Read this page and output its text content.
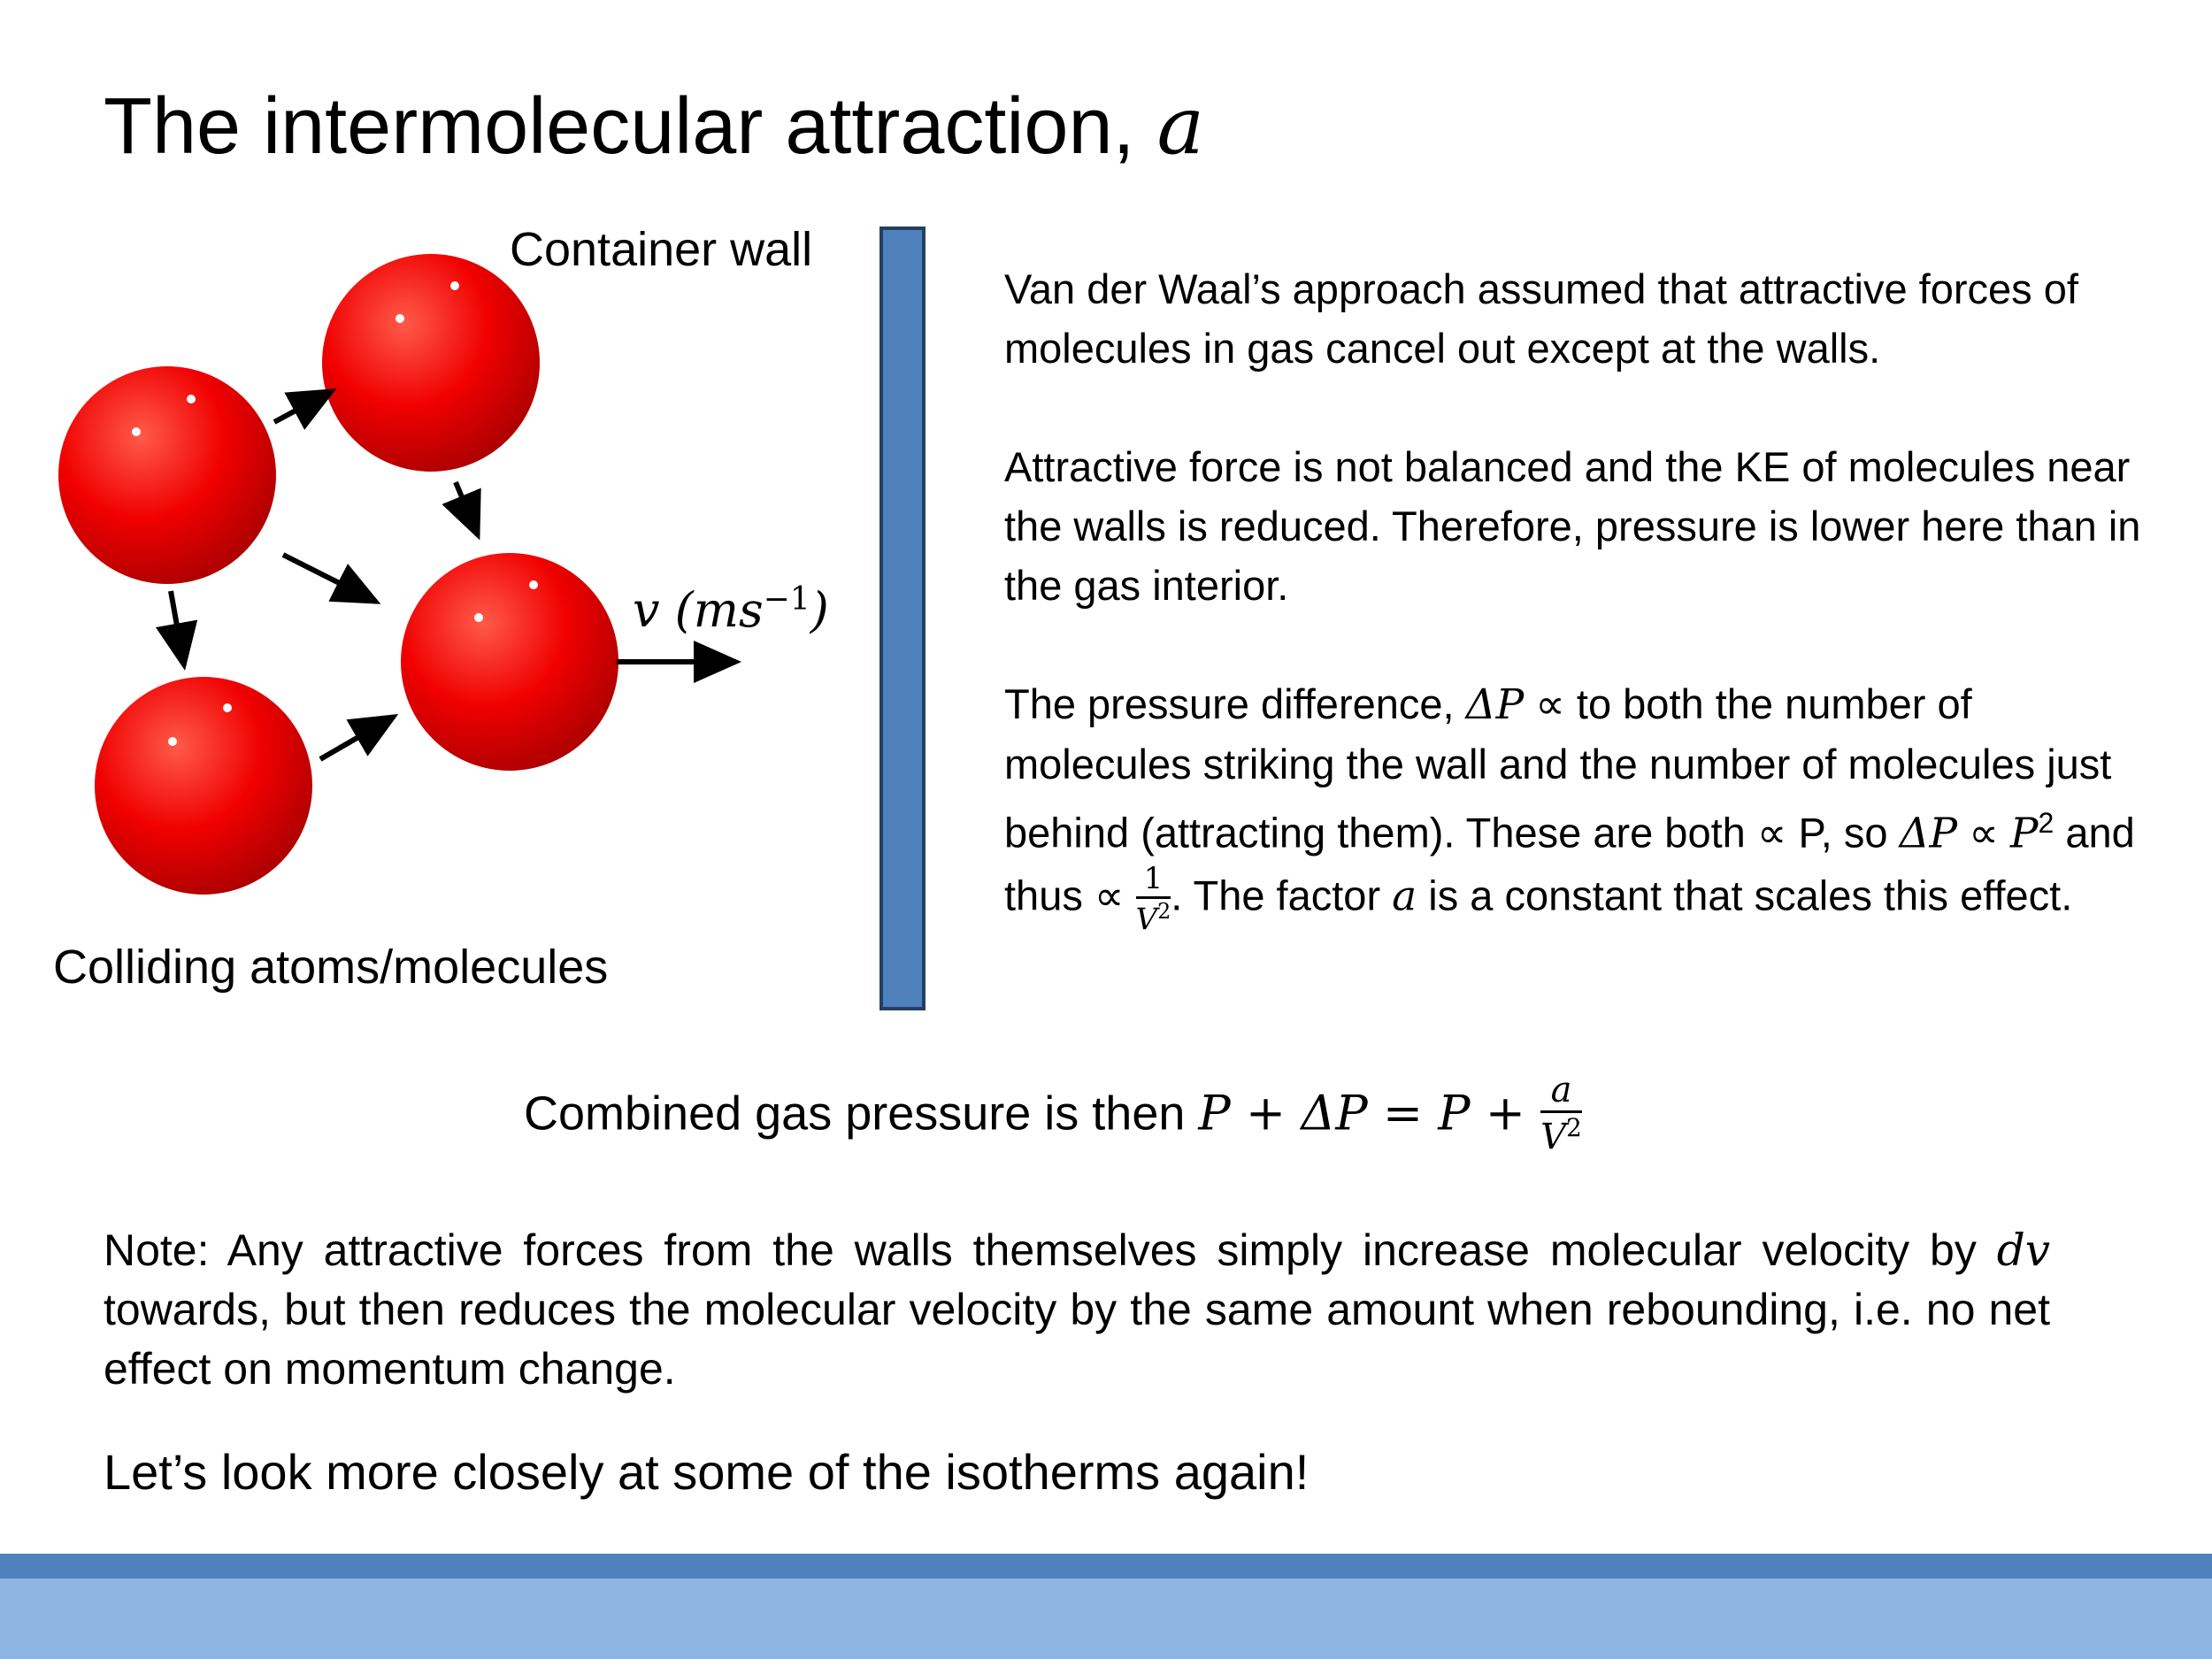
The intermolecular attraction, a
Container wall
Colliding atoms/molecules
v $(ms^{-1})$

Van der Waal’s approach assumed that attractive forces of molecules in gas cancel out except at the walls.

Attractive force is not balanced and the KE of molecules near the walls is reduced. Therefore, pressure is lower here than in the gas interior.

The pressure difference, ΔP ∝ to both the number of molecules striking the wall and the number of molecules just behind (attracting them). These are both ∝ P, so $\Delta P \propto P^2$ and thus ∝ $\frac{1}{V^2}$ . The factor a is a constant that scales this effect.

Combined gas pressure is then $P + \Delta P = P + \frac{a}{V^2}$
Note: Any attractive forces from the walls themselves simply increase molecular velocity by dv towards, but then reduces the molecular velocity by the same amount when rebounding, i.e. no net effect on momentum change.
Let’s look more closely at some of the isotherms again!
